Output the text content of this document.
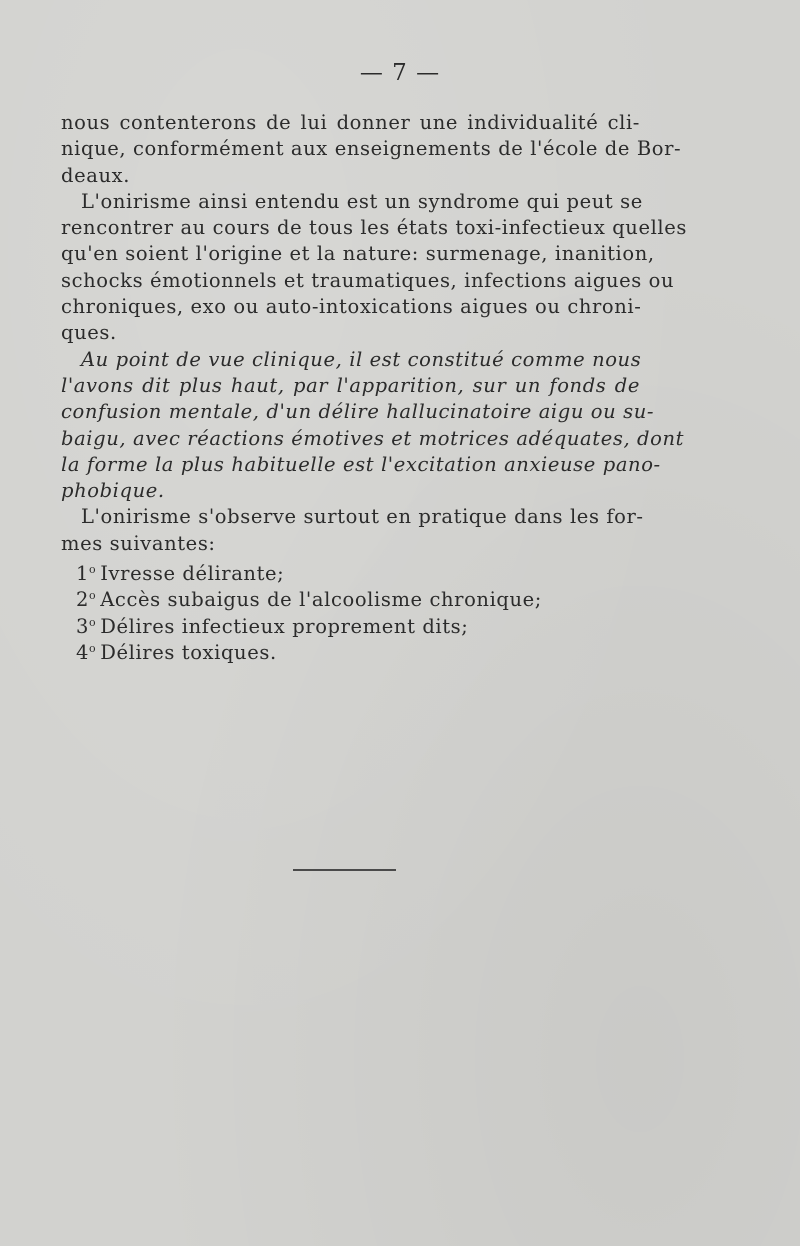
— 7 —
nous contenterons de lui donner une individualité cli-
nique, conformément aux enseignements de l'école de Bor-
deaux.
L'onirisme ainsi entendu est un syndrome qui peut se
rencontrer au cours de tous les états toxi-infectieux quelles
qu'en soient l'origine et la nature: surmenage, inanition,
schocks émotionnels et traumatiques, infections aigues ou
chroniques, exo ou auto-intoxications aigues ou chroni-
ques.
Au point de vue clinique, il est constitué comme nous
l'avons dit plus haut, par l'apparition, sur un fonds de
confusion mentale, d'un délire hallucinatoire aigu ou su-
baigu, avec réactions émotives et motrices adéquates, dont
la forme la plus habituelle est l'excitation anxieuse pano-
phobique.
L'onirisme s'observe surtout en pratique dans les for-
mes suivantes:
1$^o$ Ivresse délirante;
2$^o$ Accès subaigus de l'alcoolisme chronique;
3$^o$ Délires infectieux proprement dits;
4$^o$ Délires toxiques.
